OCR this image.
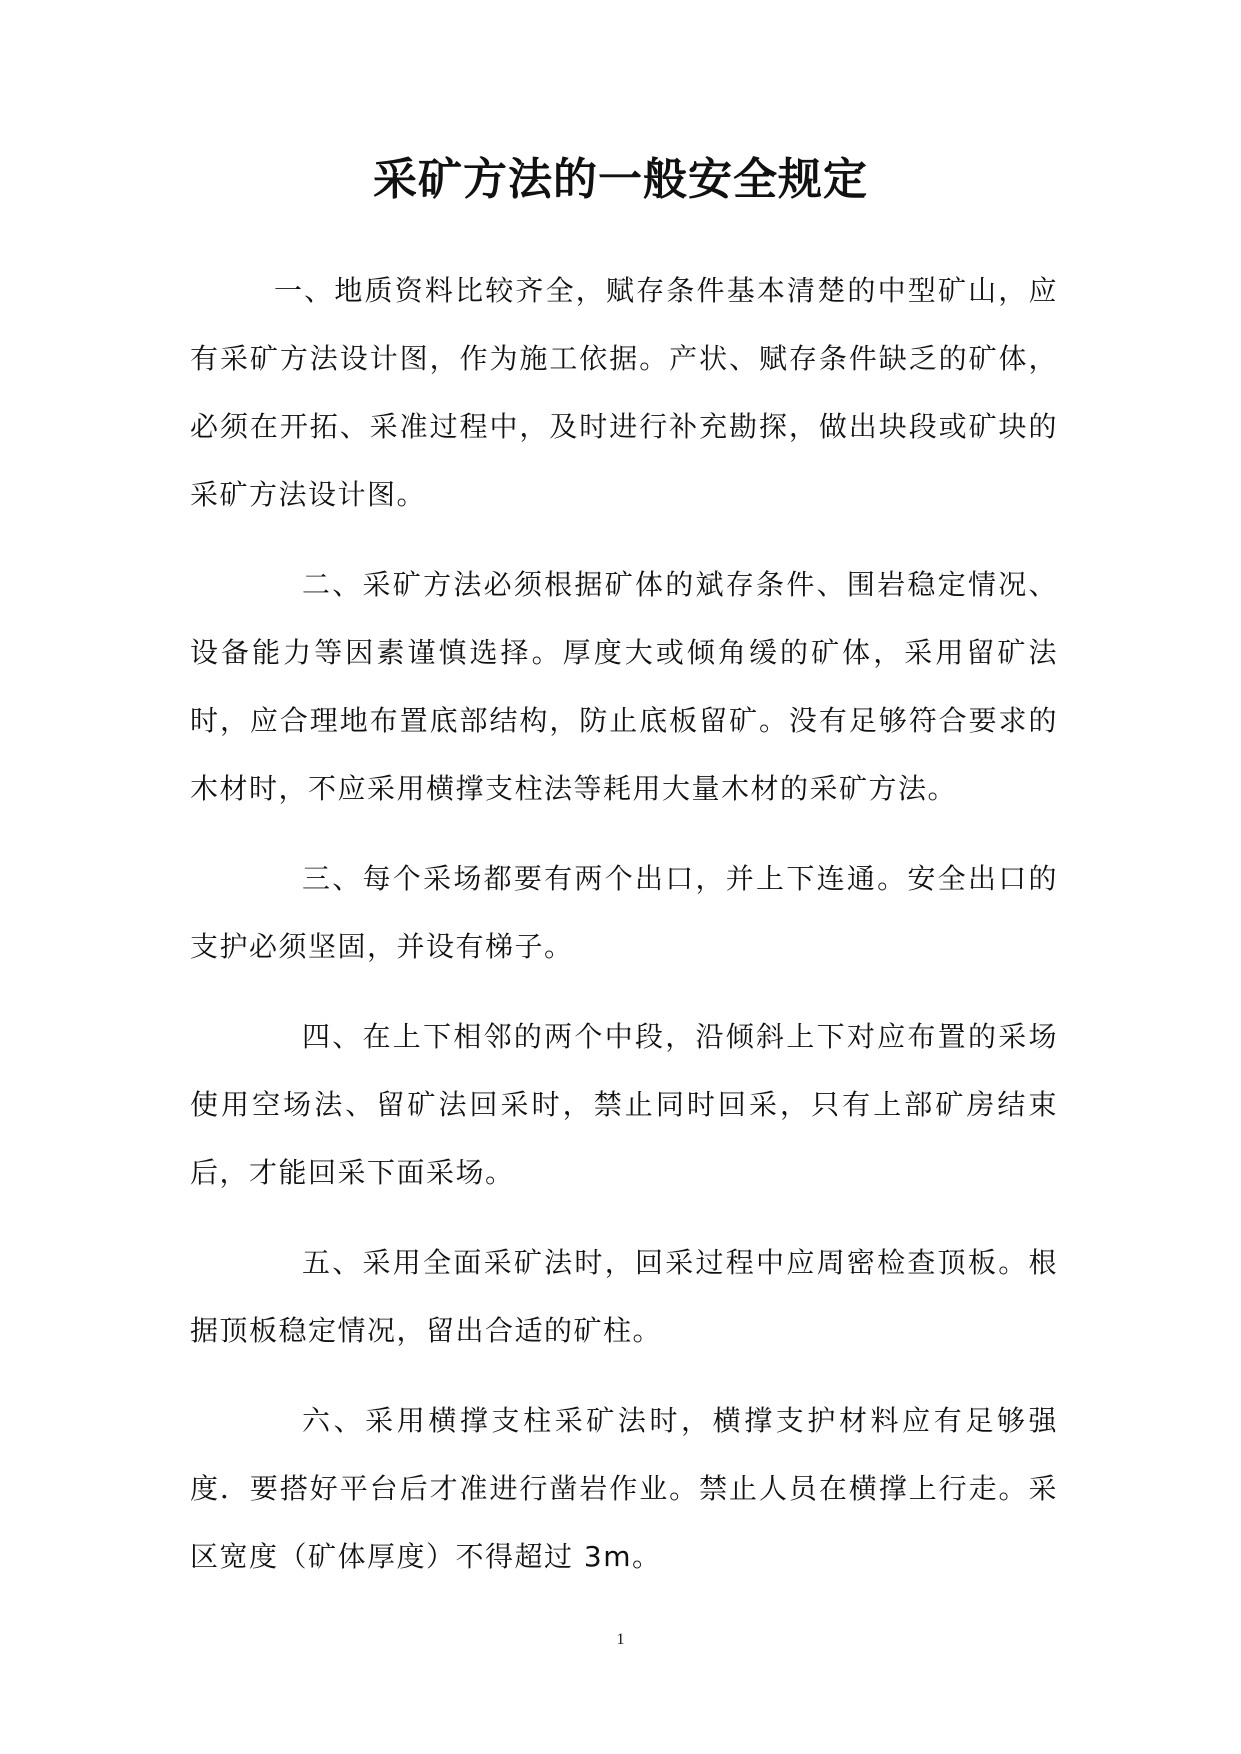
采矿方法的一般安全规定

一、地质资料比较齐全，赋存条件基本清楚的中型矿山，应有采矿方法设计图，作为施工依据。产状、赋存条件缺乏的矿体，必须在开拓、采准过程中，及时进行补充勘探，做出块段或矿块的采矿方法设计图。

二、采矿方法必须根据矿体的斌存条件、围岩稳定情况、设备能力等因素谨慎选择。厚度大或倾角缓的矿体，采用留矿法时，应合理地布置底部结构，防止底板留矿。没有足够符合要求的木材时，不应采用横撑支柱法等耗用大量木材的采矿方法。

三、每个采场都要有两个出口，并上下连通。安全出口的支护必须坚固，并设有梯子。

四、在上下相邻的两个中段，沿倾斜上下对应布置的采场使用空场法、留矿法回采时，禁止同时回采，只有上部矿房结束后，才能回采下面采场。

五、采用全面采矿法时，回采过程中应周密检查顶板。根据顶板稳定情况，留出合适的矿柱。

六、采用横撑支柱采矿法时，横撑支护材料应有足够强度．要搭好平台后才准进行凿岩作业。禁止人员在横撑上行走。采区宽度（矿体厚度）不得超过 3m。

1
